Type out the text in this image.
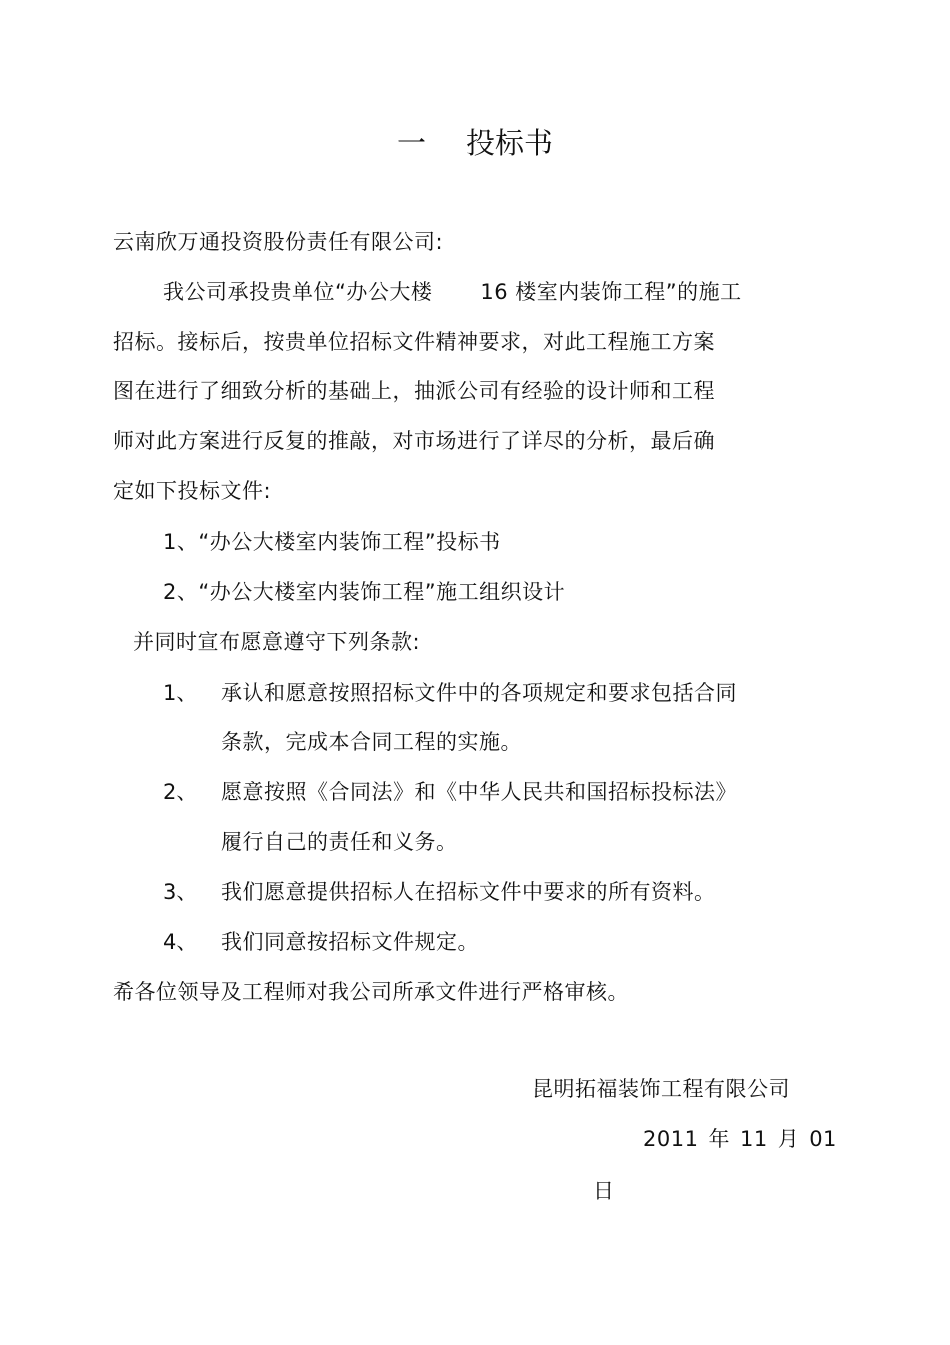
一 投标书
云南欣万通投资股份责任有限公司:
我公司承投贵单位“办公大楼 16 楼室内装饰工程”的施工
招标。接标后，按贵单位招标文件精神要求，对此工程施工方案
图在进行了细致分析的基础上，抽派公司有经验的设计师和工程
师对此方案进行反复的推敲，对市场进行了详尽的分析，最后确
定如下投标文件:
1、“办公大楼室内装饰工程”投标书
2、“办公大楼室内装饰工程”施工组织设计
并同时宣布愿意遵守下列条款:
1、 承认和愿意按照招标文件中的各项规定和要求包括合同
条款，完成本合同工程的实施。
2、 愿意按照《合同法》和《中华人民共和国招标投标法》
履行自己的责任和义务。
3、 我们愿意提供招标人在招标文件中要求的所有资料。
4、 我们同意按招标文件规定。
希各位领导及工程师对我公司所承文件进行严格审核。
昆明拓福装饰工程有限公司
2011 年 11 月 01
日
